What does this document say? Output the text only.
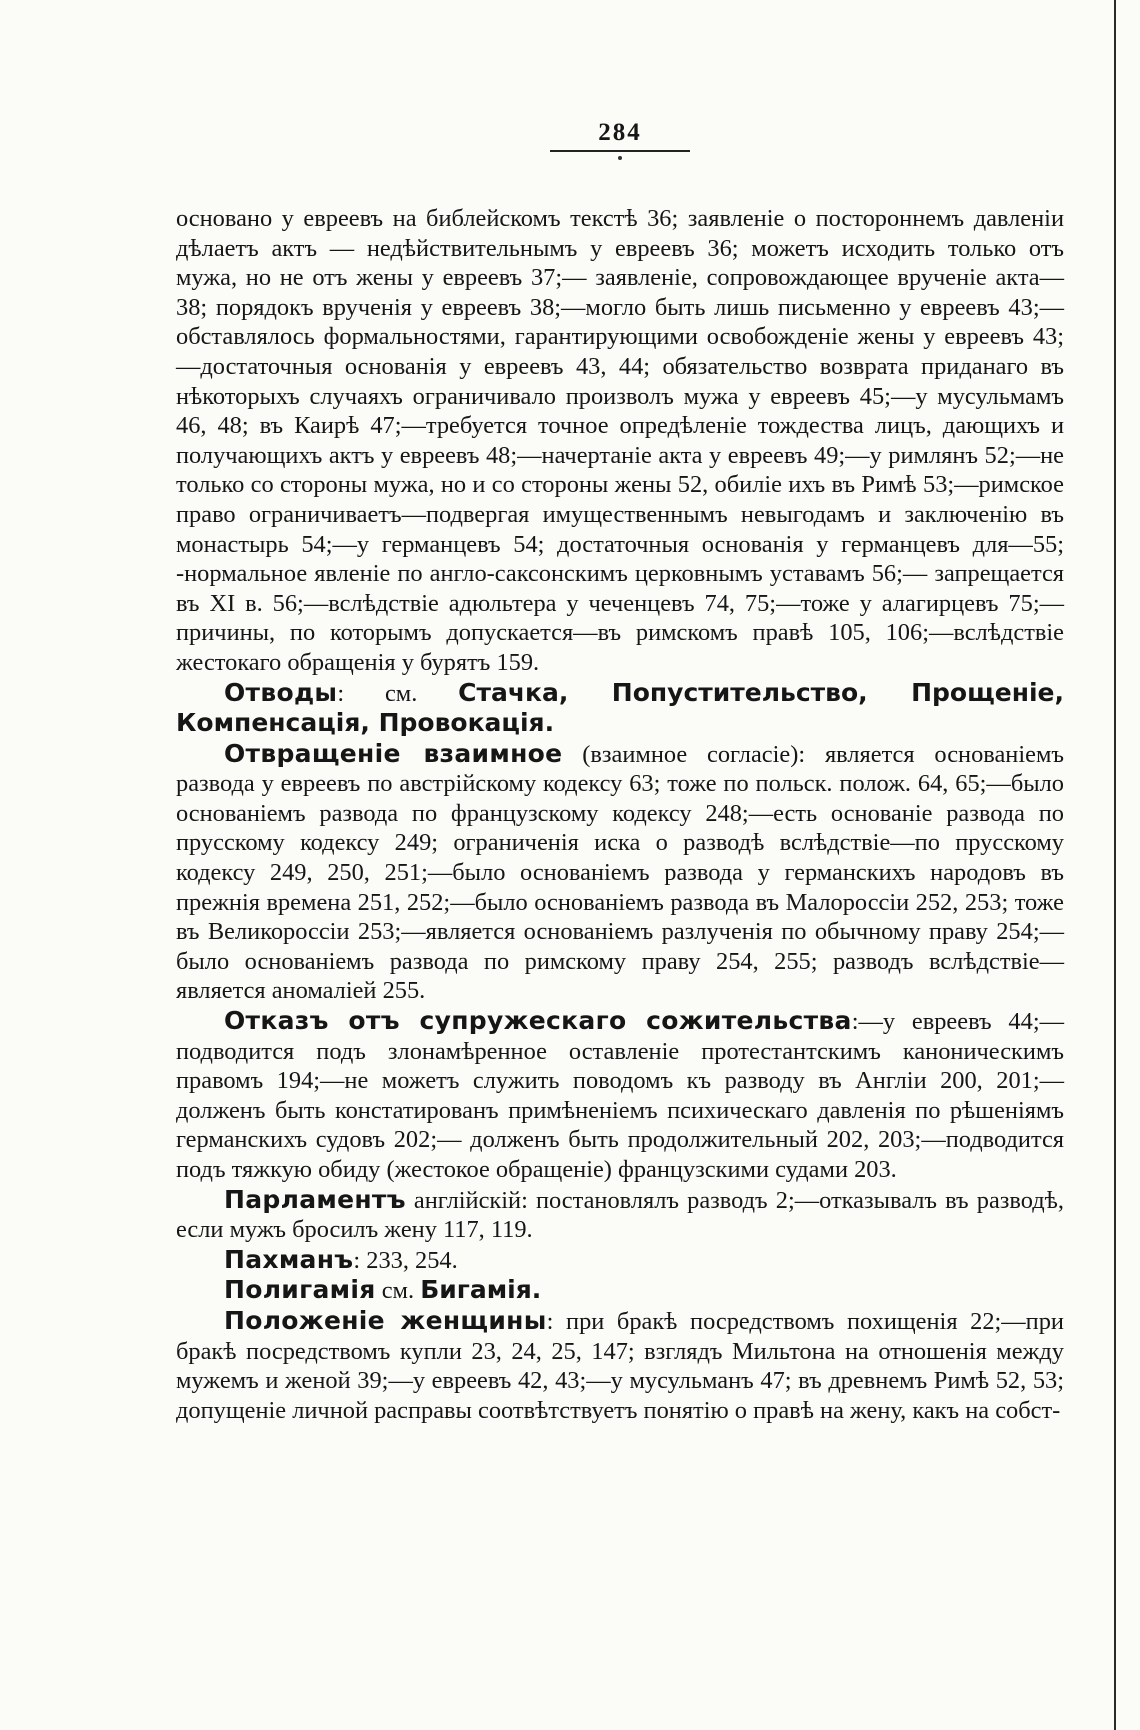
284

основано у евреевъ на библейскомъ текстѣ 36; заявленіе о постороннемъ давленіи дѣлаетъ актъ — недѣйствительнымъ у евреевъ 36; можетъ исходить только отъ мужа, но не отъ жены у евреевъ 37;— заявленіе, сопровождающее врученіе акта—38; порядокъ врученія у евреевъ 38;—могло быть лишь письменно у евреевъ 43;—обставлялось формальностями, гарантирующими освобожденіе жены у евреевъ 43;—достаточныя основанія у евреевъ 43, 44; обязательство возврата приданаго въ нѣкоторыхъ случаяхъ ограничивало произволъ мужа у евреевъ 45;—у мусульмамъ 46, 48; въ Каирѣ 47;—требуется точное опредѣленіе тождества лицъ, дающихъ и получающихъ актъ у евреевъ 48;—начертаніе акта у евреевъ 49;—у римлянъ 52;—не только со стороны мужа, но и со стороны жены 52, обиліе ихъ въ Римѣ 53;—римское право ограничиваетъ—подвергая имущественнымъ невыгодамъ и заключенію въ монастырь 54;—у германцевъ 54; достаточныя основанія у германцевъ для—55; -нормальное явленіе по англо-саксонскимъ церковнымъ уставамъ 56;— запрещается въ XI в. 56;—вслѣдствіе адюльтера у чеченцевъ 74, 75;—тоже у алагирцевъ 75;—причины, по которымъ допускается—въ римскомъ правѣ 105, 106;—вслѣдствіе жестокаго обращенія у бурятъ 159.

Отводы: см. Стачка, Попустительство, Прощеніе, Компенсація, Провокація.

Отвращеніе взаимное (взаимное согласіе): является основаніемъ развода у евреевъ по австрійскому кодексу 63; тоже по польск. полож. 64, 65;—было основаніемъ развода по французскому кодексу 248;—есть основаніе развода по прусскому кодексу 249; ограниченія иска о разводѣ вслѣдствіе—по прусскому кодексу 249, 250, 251;—было основаніемъ развода у германскихъ народовъ въ прежнія времена 251, 252;—было основаніемъ развода въ Малороссіи 252, 253; тоже въ Великороссіи 253;—является основаніемъ разлученія по обычному праву 254;—было основаніемъ развода по римскому праву 254, 255; разводъ вслѣдствіе—является аномаліей 255.

Отказъ отъ супружескаго сожительства:—у евреевъ 44;—подводится подъ злонамѣренное оставленіе протестантскимъ каноническимъ правомъ 194;—не можетъ служить поводомъ къ разводу въ Англіи 200, 201;—долженъ быть констатированъ примѣненіемъ психическаго давленія по рѣшеніямъ германскихъ судовъ 202;— долженъ быть продолжительный 202, 203;—подводится подъ тяжкую обиду (жестокое обращеніе) французскими судами 203.

Парламентъ англійскій: постановлялъ разводъ 2;—отказывалъ въ разводѣ, если мужъ бросилъ жену 117, 119.

Пахманъ: 233, 254.

Полигамія см. Бигамія.

Положеніе женщины: при бракѣ посредствомъ похищенія 22;—при бракѣ посредствомъ купли 23, 24, 25, 147; взглядъ Мильтона на отношенія между мужемъ и женой 39;—у евреевъ 42, 43;—у мусульманъ 47; въ древнемъ Римѣ 52, 53; допущеніе личной расправы соотвѣтствуетъ понятію о правѣ на жену, какъ на собст-
